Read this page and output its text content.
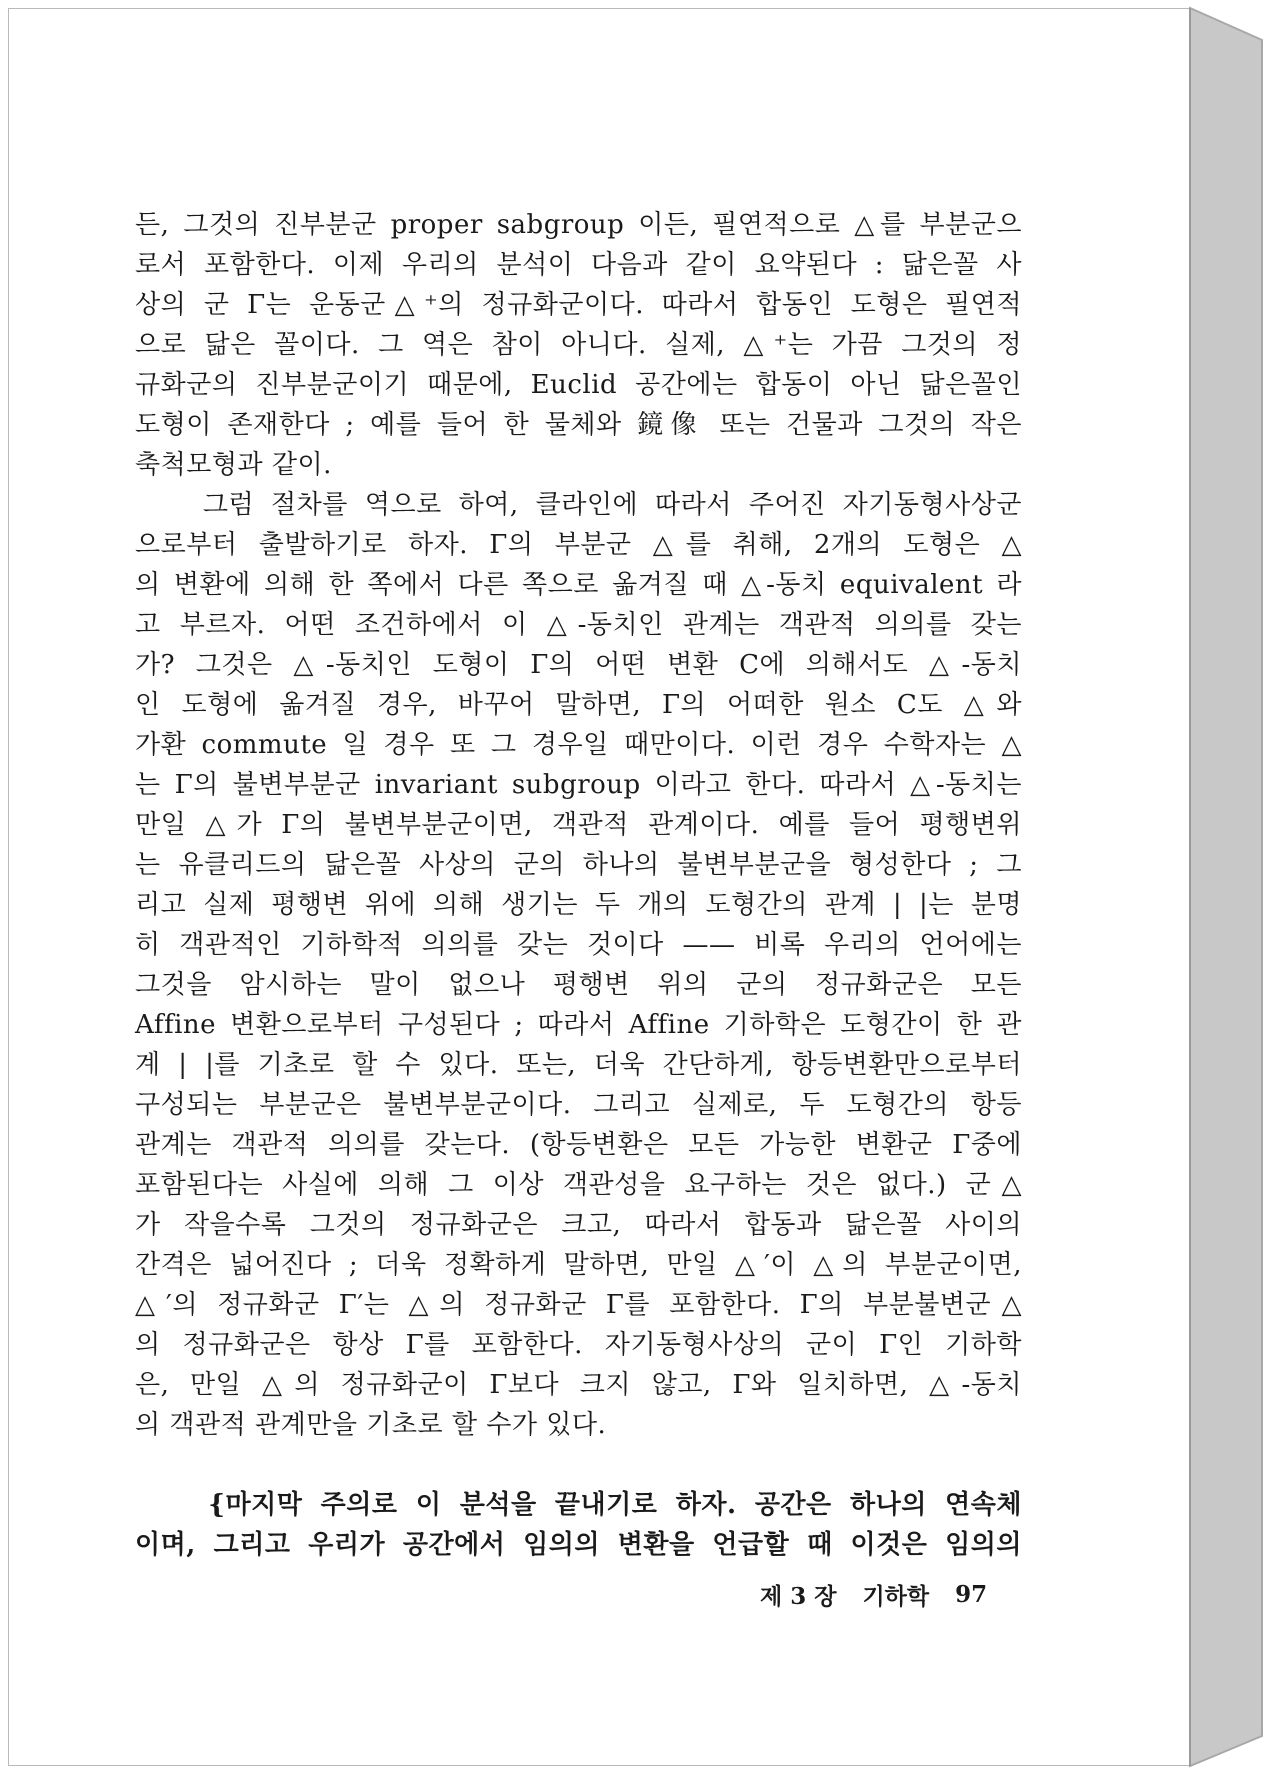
든, 그것의 진부분군 proper sabgroup 이든, 필연적으로 △를 부분군으

로서 포함한다. 이제 우리의 분석이 다음과 같이 요약된다 : 닮은꼴 사

상의 군 Γ는 운동군△⁺의 정규화군이다. 따라서 합동인 도형은 필연적

으로 닮은 꼴이다. 그 역은 참이 아니다. 실제, △⁺는 가끔 그것의 정

규화군의 진부분군이기 때문에, Euclid 공간에는 합동이 아닌 닮은꼴인

도형이 존재한다 ; 예를 들어 한 물체와 鏡像 또는 건물과 그것의 작은

축척모형과 같이.

그럼 절차를 역으로 하여, 클라인에 따라서 주어진 자기동형사상군

으로부터 출발하기로 하자. Γ의 부분군 △를 취해, 2개의 도형은 △

의 변환에 의해 한 쪽에서 다른 쪽으로 옮겨질 때 △-동치 equivalent 라

고 부르자. 어떤 조건하에서 이 △-동치인 관계는 객관적 의의를 갖는

가? 그것은 △-동치인 도형이 Γ의 어떤 변환 C에 의해서도 △-동치

인 도형에 옮겨질 경우, 바꾸어 말하면, Γ의 어떠한 원소 C도 △와

가환 commute 일 경우 또 그 경우일 때만이다. 이런 경우 수학자는 △

는 Γ의 불변부분군 invariant subgroup 이라고 한다. 따라서 △-동치는

만일 △가 Γ의 불변부분군이면, 객관적 관계이다. 예를 들어 평행변위

는 유클리드의 닮은꼴 사상의 군의 하나의 불변부분군을 형성한다 ; 그

리고 실제 평행변 위에 의해 생기는 두 개의 도형간의 관계 | |는 분명

히 객관적인 기하학적 의의를 갖는 것이다 —— 비록 우리의 언어에는

그것을 암시하는 말이 없으나 평행변 위의 군의 정규화군은 모든

Affine 변환으로부터 구성된다 ; 따라서 Affine 기하학은 도형간이 한 관

계 | |를 기초로 할 수 있다. 또는, 더욱 간단하게, 항등변환만으로부터

구성되는 부분군은 불변부분군이다. 그리고 실제로, 두 도형간의 항등

관계는 객관적 의의를 갖는다. (항등변환은 모든 가능한 변환군 Γ중에

포함된다는 사실에 의해 그 이상 객관성을 요구하는 것은 없다.) 군△

가 작을수록 그것의 정규화군은 크고, 따라서 합동과 닮은꼴 사이의

간격은 넓어진다 ; 더욱 정확하게 말하면, 만일 △′이 △의 부분군이면,

△′의 정규화군 Γ′는 △의 정규화군 Γ를 포함한다. Γ의 부분불변군△

의 정규화군은 항상 Γ를 포함한다. 자기동형사상의 군이 Γ인 기하학

은, 만일 △의 정규화군이 Γ보다 크지 않고, Γ와 일치하면, △-동치

의 객관적 관계만을 기초로 할 수가 있다.

{마지막 주의로 이 분석을 끝내기로 하자. 공간은 하나의 연속체

이며, 그리고 우리가 공간에서 임의의 변환을 언급할 때 이것은 임의의

제 3 장 기하학 97
